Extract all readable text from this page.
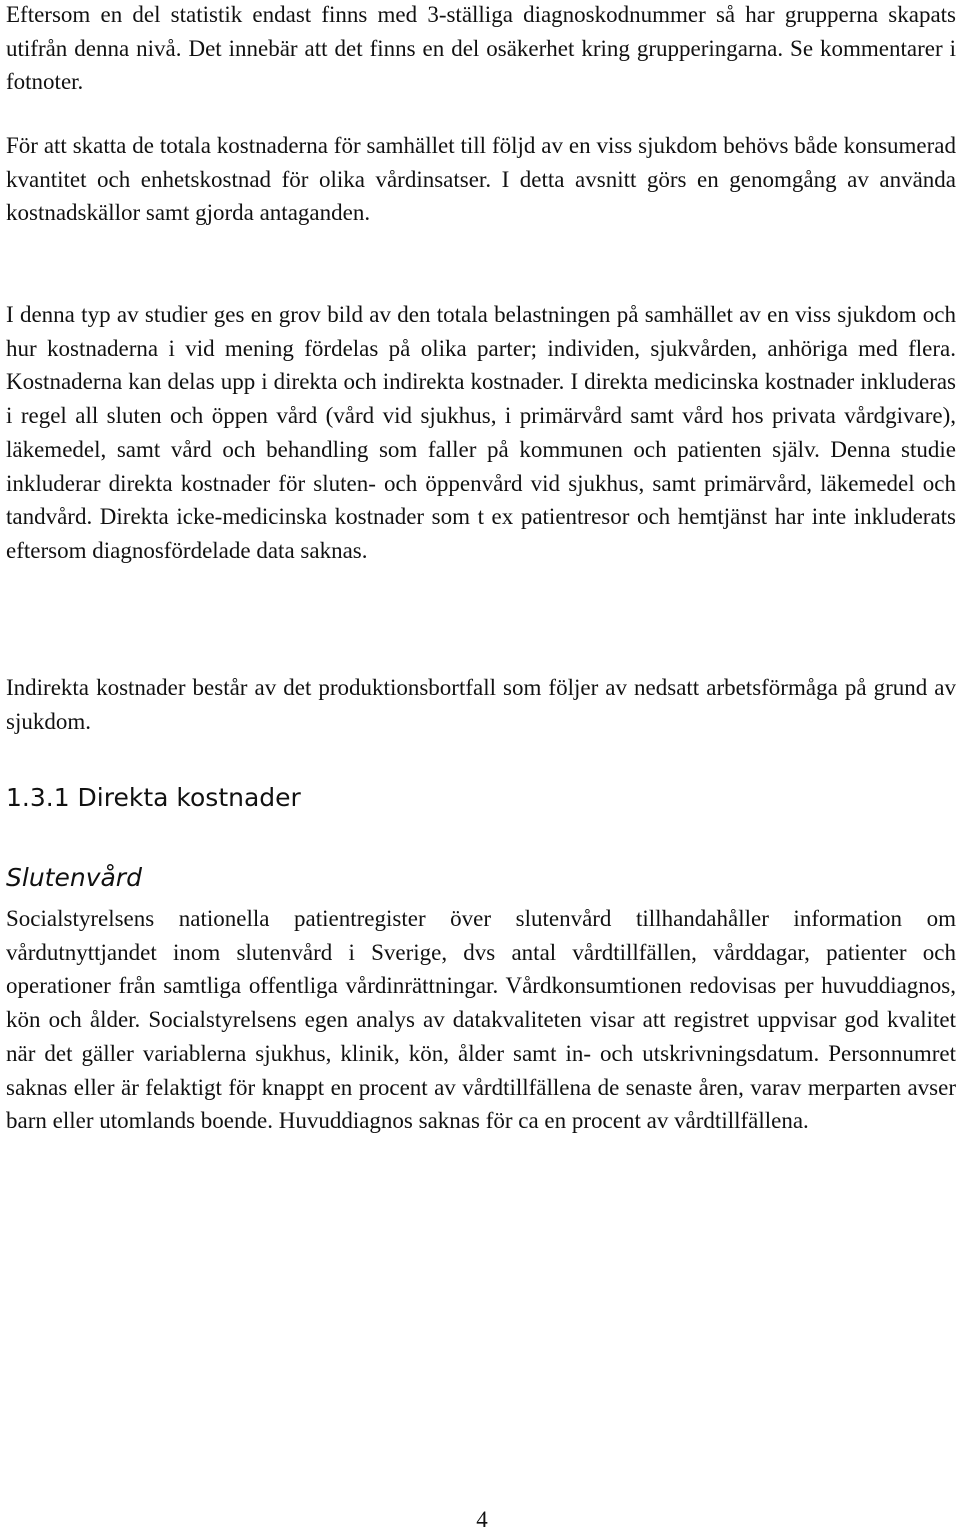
Eftersom en del statistik endast finns med 3-ställiga diagnoskodnummer så har grupperna skapats utifrån denna nivå. Det innebär att det finns en del osäkerhet kring grupperingarna. Se kommentarer i fotnoter.

För att skatta de totala kostnaderna för samhället till följd av en viss sjukdom behövs både konsumerad kvantitet och enhetskostnad för olika vårdinsatser. I detta avsnitt görs en genomgång av använda kostnadskällor samt gjorda antaganden.

I denna typ av studier ges en grov bild av den totala belastningen på samhället av en viss sjukdom och hur kostnaderna i vid mening fördelas på olika parter; individen, sjukvården, anhöriga med flera. Kostnaderna kan delas upp i direkta och indirekta kostnader. I direkta medicinska kostnader inkluderas i regel all sluten och öppen vård (vård vid sjukhus, i primärvård samt vård hos privata vårdgivare), läkemedel, samt vård och behandling som faller på kommunen och patienten själv. Denna studie inkluderar direkta kostnader för sluten- och öppenvård vid sjukhus, samt primärvård, läkemedel och tandvård. Direkta icke-medicinska kostnader som t ex patientresor och hemtjänst har inte inkluderats eftersom diagnosfördelade data saknas.

Indirekta kostnader består av det produktionsbortfall som följer av nedsatt arbetsförmåga på grund av sjukdom.

1.3.1 Direkta kostnader
Slutenvård

Socialstyrelsens nationella patientregister över slutenvård tillhandahåller information om vårdutnyttjandet inom slutenvård i Sverige, dvs antal vårdtillfällen, vårddagar, patienter och operationer från samtliga offentliga vårdinrättningar. Vårdkonsumtionen redovisas per huvuddiagnos, kön och ålder. Socialstyrelsens egen analys av datakvaliteten visar att registret uppvisar god kvalitet när det gäller variablerna sjukhus, klinik, kön, ålder samt in- och utskrivningsdatum. Personnumret saknas eller är felaktigt för knappt en procent av vårdtillfällena de senaste åren, varav merparten avser barn eller utomlands boende. Huvuddiagnos saknas för ca en procent av vårdtillfällena.

4
